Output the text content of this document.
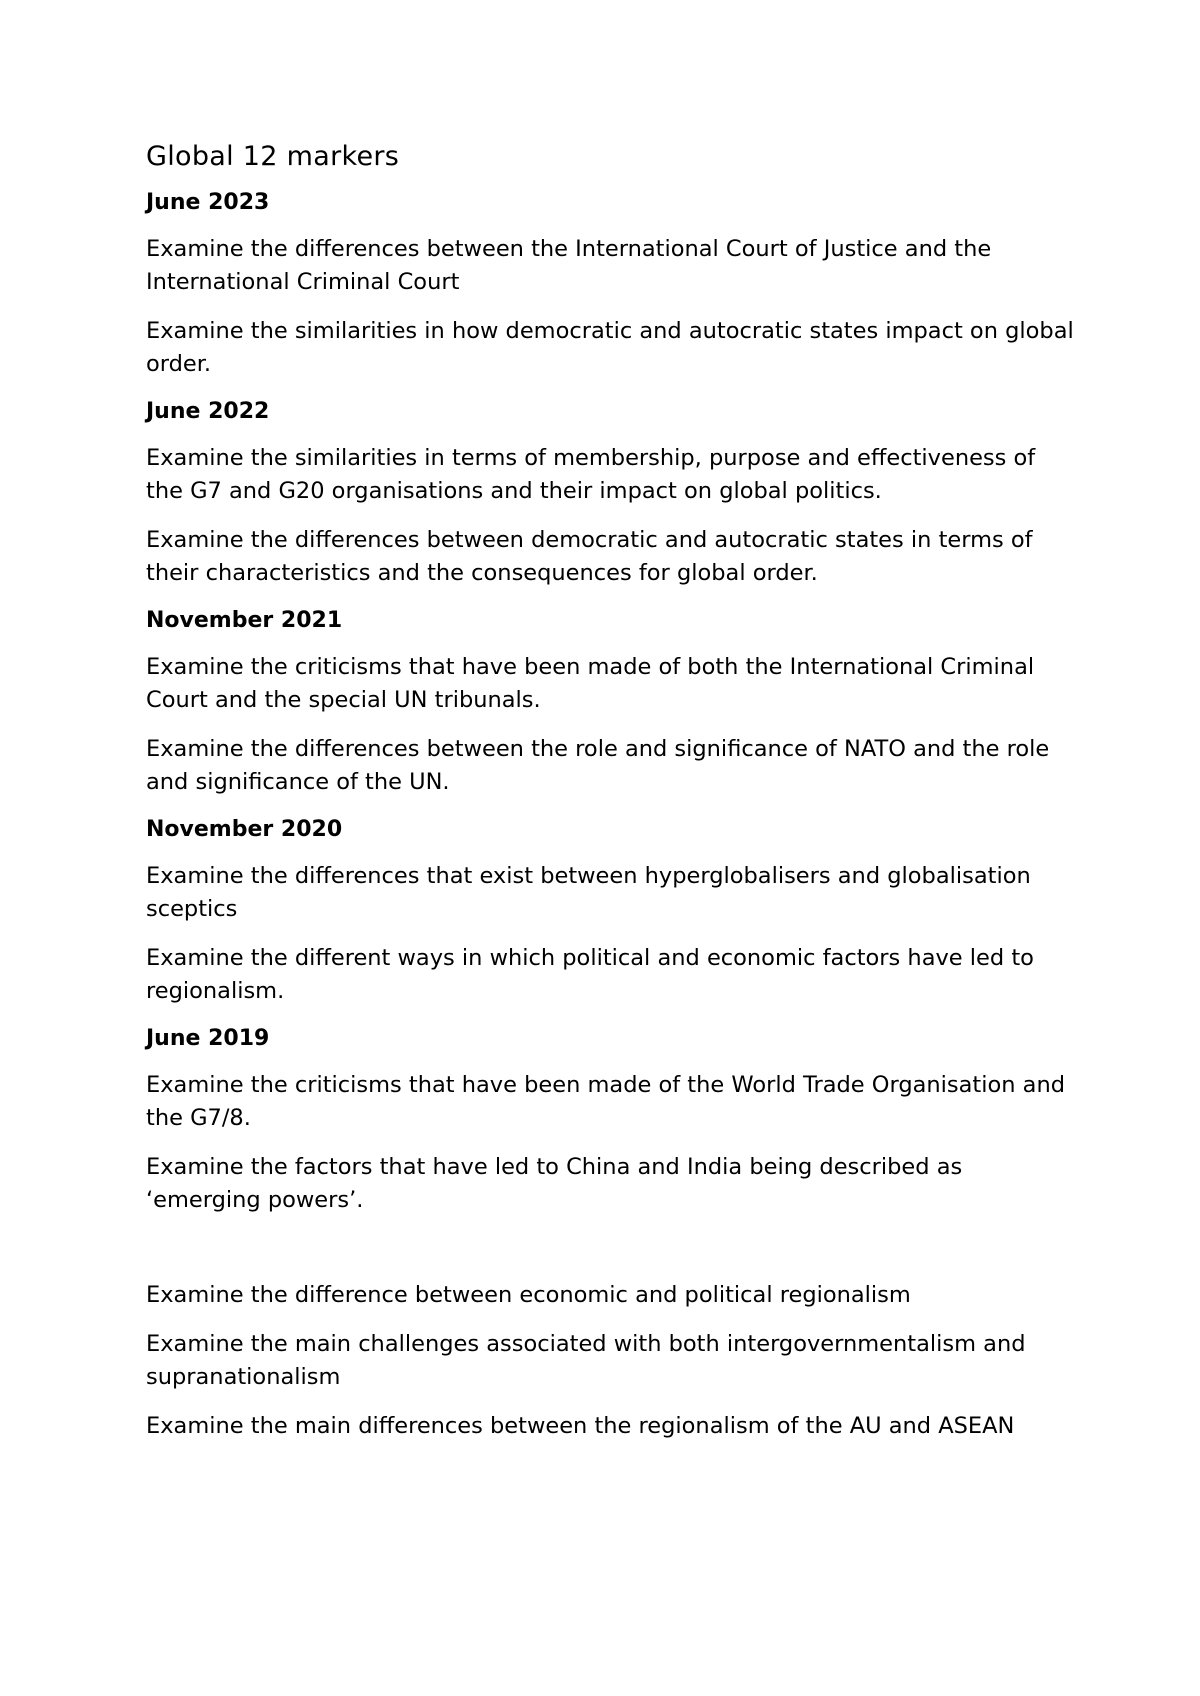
Global 12 markers
June 2023
Examine the differences between the International Court of Justice and the International Criminal Court
Examine the similarities in how democratic and autocratic states impact on global order.
June 2022
Examine the similarities in terms of membership, purpose and effectiveness of the G7 and G20 organisations and their impact on global politics.
Examine the differences between democratic and autocratic states in terms of their characteristics and the consequences for global order.
November 2021
Examine the criticisms that have been made of both the International Criminal Court and the special UN tribunals.
Examine the differences between the role and significance of NATO and the role and significance of the UN.
November 2020
Examine the differences that exist between hyperglobalisers and globalisation sceptics
Examine the different ways in which political and economic factors have led to regionalism.
June 2019
Examine the criticisms that have been made of the World Trade Organisation and the G7/8.
Examine the factors that have led to China and India being described as ‘emerging powers’.
Examine the difference between economic and political regionalism
Examine the main challenges associated with both intergovernmentalism and supranationalism
Examine the main differences between the regionalism of the AU and ASEAN
